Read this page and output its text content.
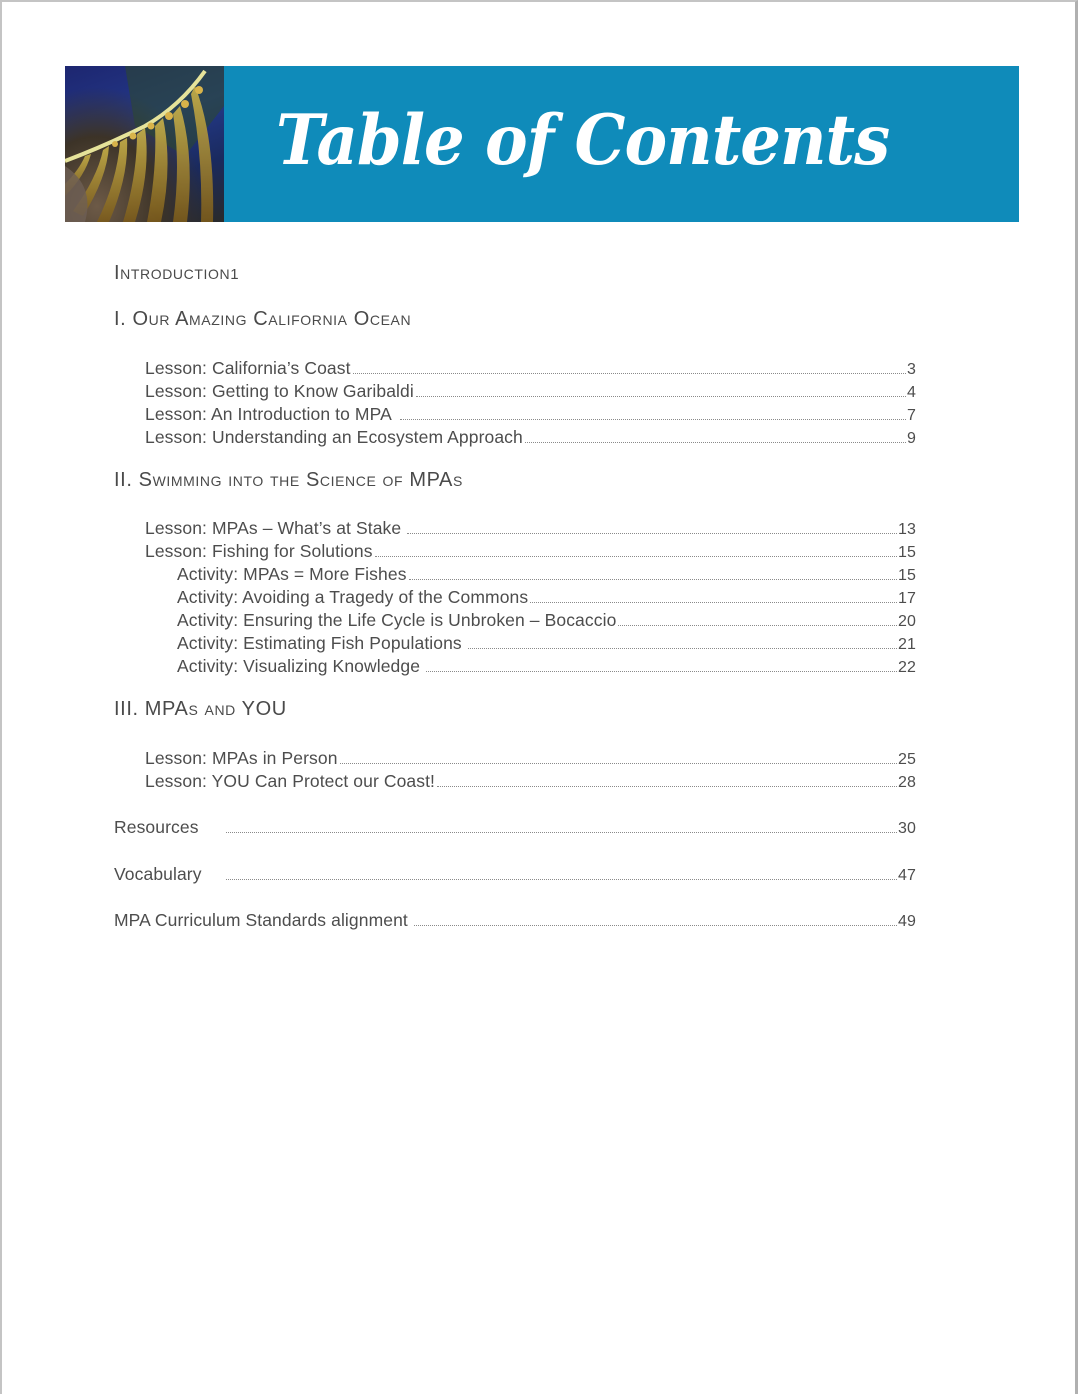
Table of Contents
Introduction 1
I. Our Amazing California Ocean
Lesson: California’s Coast	3
Lesson: Getting to Know Garibaldi	4
Lesson: An Introduction to MPA	7
Lesson: Understanding an Ecosystem Approach	9
II. Swimming into the Science of MPAs
Lesson: MPAs – What’s at Stake	13
Lesson: Fishing for Solutions	15
Activity: MPAs = More Fishes	15
Activity: Avoiding a Tragedy of the Commons	17
Activity: Ensuring the Life Cycle is Unbroken – Bocaccio	20
Activity: Estimating Fish Populations	21
Activity: Visualizing Knowledge	22
III. MPAs and YOU
Lesson: MPAs in Person	25
Lesson: YOU Can Protect our Coast!	28
Resources	30
Vocabulary	47
MPA Curriculum Standards alignment	49
